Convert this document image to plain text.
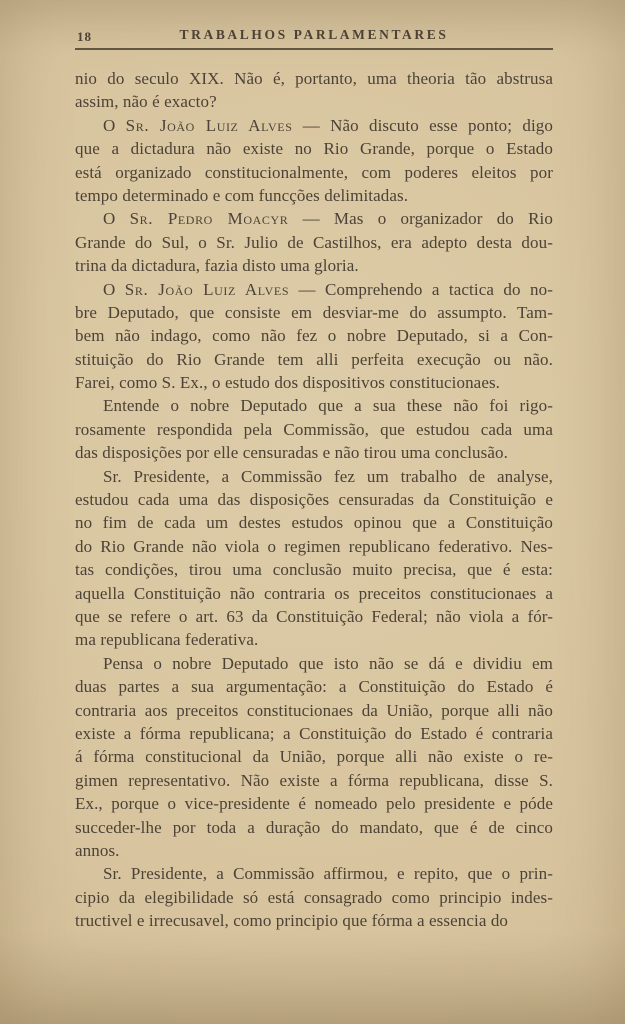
18	TRABALHOS PARLAMENTARES
nio do seculo XIX. Não é, portanto, uma theoria tão abstrusa
assim, não é exacto?
O Sr. João Luiz Alves — Não discuto esse ponto; digo
que a dictadura não existe no Rio Grande, porque o Estado
está organizado constitucionalmente, com poderes eleitos por
tempo determinado e com funcções delimitadas.
O Sr. Pedro Moacyr — Mas o organizador do Rio
Grande do Sul, o Sr. Julio de Castilhos, era adepto desta dou-
trina da dictadura, fazia disto uma gloria.
O Sr. João Luiz Alves — Comprehendo a tactica do no-
bre Deputado, que consiste em desviar-me do assumpto. Tam-
bem não indago, como não fez o nobre Deputado, si a Con-
stituição do Rio Grande tem alli perfeita execução ou não.
Farei, como S. Ex., o estudo dos dispositivos constitucionaes.
Entende o nobre Deputado que a sua these não foi rigo-
rosamente respondida pela Commissão, que estudou cada uma
das disposições por elle censuradas e não tirou uma conclusão.
Sr. Presidente, a Commissão fez um trabalho de analyse,
estudou cada uma das disposições censuradas da Constituição e
no fim de cada um destes estudos opinou que a Constituição
do Rio Grande não viola o regimen republicano federativo. Nes-
tas condições, tirou uma conclusão muito precisa, que é esta:
aquella Constituição não contraria os preceitos constitucionaes a
que se refere o art. 63 da Constituição Federal; não viola a fór-
ma republicana federativa.
Pensa o nobre Deputado que isto não se dá e dividiu em
duas partes a sua argumentação: a Constituição do Estado é
contraria aos preceitos constitucionaes da União, porque alli não
existe a fórma republicana; a Constituição do Estado é contraria
á fórma constitucional da União, porque alli não existe o re-
gimen representativo. Não existe a fórma republicana, disse S.
Ex., porque o vice-presidente é nomeado pelo presidente e póde
succeder-lhe por toda a duração do mandato, que é de cinco
annos.
Sr. Presidente, a Commissão affirmou, e repito, que o prin-
cipio da elegibilidade só está consagrado como principio indes-
tructivel e irrecusavel, como principio que fórma a essencia do
